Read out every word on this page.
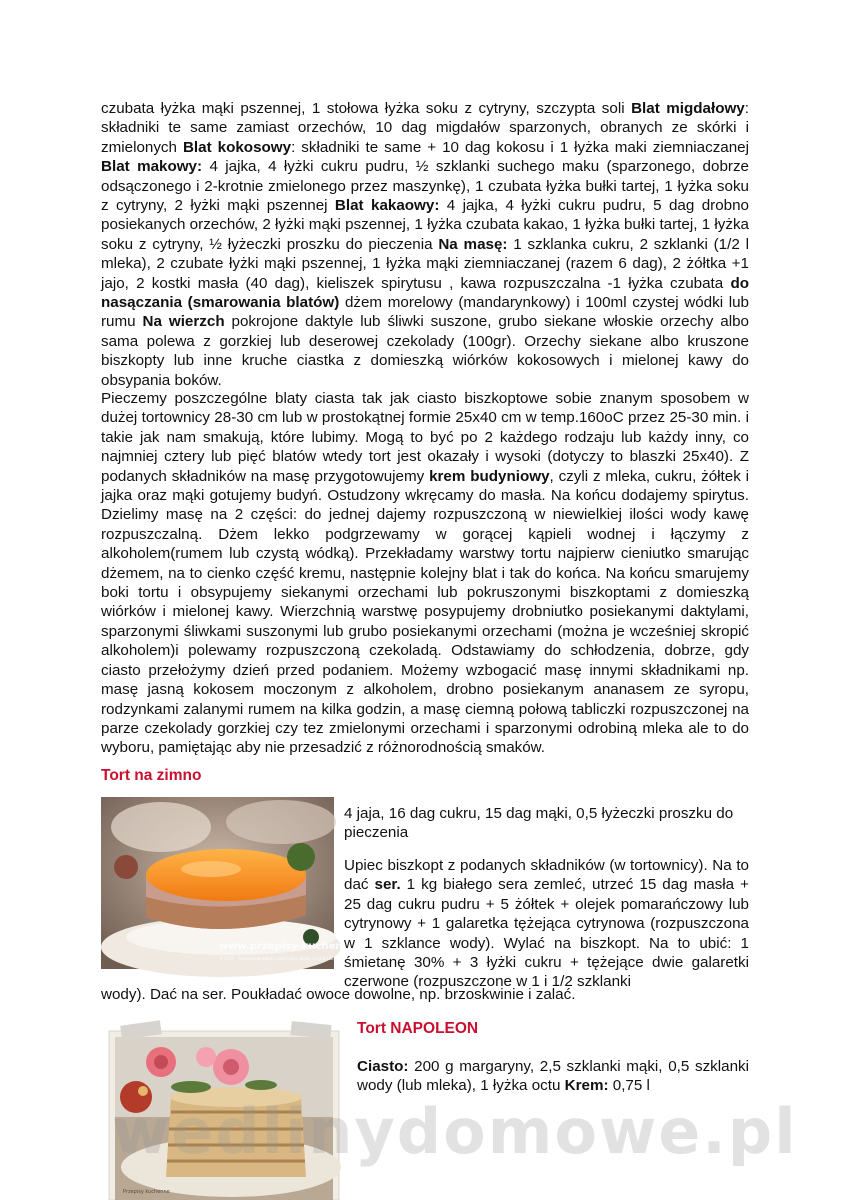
czubata łyżka mąki pszennej, 1 stołowa łyżka soku z cytryny, szczypta soli Blat migdałowy: składniki te same zamiast orzechów, 10 dag migdałów sparzonych, obranych ze skórki i zmielonych Blat kokosowy: składniki te same + 10 dag kokosu i 1 łyżka maki ziemniaczanej Blat makowy: 4 jajka, 4 łyżki cukru pudru, ½ szklanki suchego maku (sparzonego, dobrze odsączonego i 2-krotnie zmielonego przez maszynkę), 1 czubata łyżka bułki tartej, 1 łyżka soku z cytryny, 2 łyżki mąki pszennej Blat kakaowy: 4 jajka, 4 łyżki cukru pudru, 5 dag drobno posiekanych orzechów, 2 łyżki mąki pszennej, 1 łyżka czubata kakao, 1 łyżka bułki tartej, 1 łyżka soku z cytryny, ½ łyżeczki proszku do pieczenia Na masę: 1 szklanka cukru, 2 szklanki (1/2 l mleka), 2 czubate łyżki mąki pszennej, 1 łyżka mąki ziemniaczanej (razem 6 dag), 2 żółtka +1 jajo, 2 kostki masła (40 dag), kieliszek spirytusu , kawa rozpuszczalna -1 łyżka czubata do nasączania (smarowania blatów) dżem morelowy (mandarynkowy) i 100ml czystej wódki lub rumu Na wierzch pokrojone daktyle lub śliwki suszone, grubo siekane włoskie orzechy albo sama polewa z gorzkiej lub deserowej czekolady (100gr). Orzechy siekane albo kruszone biszkopty lub inne kruche ciastka z domieszką wiórków kokosowych i mielonej kawy do obsypania boków.

Pieczemy poszczególne blaty ciasta tak jak ciasto biszkoptowe sobie znanym sposobem w dużej tortownicy 28-30 cm lub w prostokątnej formie 25x40 cm w temp.160oC przez 25-30 min. i takie jak nam smakują, które lubimy. Mogą to być po 2 każdego rodzaju lub każdy inny, co najmniej cztery lub pięć blatów wtedy tort jest okazały i wysoki (dotyczy to blaszki 25x40). Z podanych składników na masę przygotowujemy krem budyniowy, czyli z mleka, cukru, żółtek i jajka oraz mąki gotujemy budyń. Ostudzony wkręcamy do masła. Na końcu dodajemy spirytus. Dzielimy masę na 2 części: do jednej dajemy rozpuszczoną w niewielkiej ilości wody kawę rozpuszczalną. Dżem lekko podgrzewamy w gorącej kąpieli wodnej i łączymy z alkoholem(rumem lub czystą wódką). Przekładamy warstwy tortu najpierw cieniutko smarując dżemem, na to cienko część kremu, następnie kolejny blat i tak do końca. Na końcu smarujemy boki tortu i obsypujemy siekanymi orzechami lub pokruszonymi biszkoptami z domieszką wiórków i mielonej kawy. Wierzchnią warstwę posypujemy drobniutko posiekanymi daktylami, sparzonymi śliwkami suszonymi lub grubo posiekanymi orzechami (można je wcześniej skropić alkoholem)i polewamy rozpuszczoną czekoladą. Odstawiamy do schłodzenia, dobrze, gdy ciasto przełożymy dzień przed podaniem. Możemy wzbogacić masę innymi składnikami np. masę jasną kokosem moczonym z alkoholem, drobno posiekanym ananasem ze syropu, rodzynkami zalanymi rumem na kilka godzin, a masę ciemną połową tabliczki rozpuszczonej na parze czekolady gorzkiej czy tez zmielonymi orzechami i sparzonymi odrobiną mleka ale to do wyboru, pamiętając aby nie przesadzić z różnorodnością smaków.

Tort na zimno
www.przepisy-kuchenne.info
© 2007 - Kopiowanie zdjęć i tekstu bez zgody autora zabronione

4 jaja, 16 dag cukru, 15 dag mąki, 0,5 łyżeczki proszku do pieczenia

Upiec biszkopt z podanych składników (w tortownicy). Na to dać ser. 1 kg białego sera zemleć, utrzeć 15 dag masła + 25 dag cukru pudru + 5 żółtek + olejek pomarańczowy lub cytrynowy + 1 galaretka tężejąca cytrynowa (rozpuszczona w 1 szklance wody). Wylać na biszkopt. Na to ubić: 1 śmietanę 30% + 3 łyżki cukru + tężejące dwie galaretki czerwone (rozpuszczone w 1 i 1/2 szklanki

wody). Dać na ser. Poukładać owoce dowolne, np. brzoskwinie i zalać.

Przepisy kuchenne
Tort NAPOLEON

Ciasto: 200 g margaryny, 2,5 szklanki mąki, 0,5 szklanki wody (lub mleka), 1 łyżka octu Krem: 0,75 l

wedlinydomowe.pl
